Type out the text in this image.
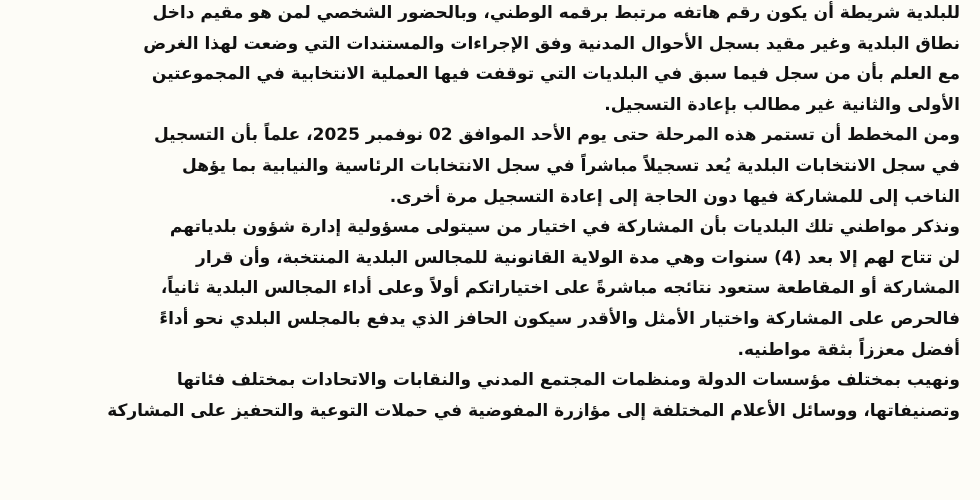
للبلدية شريطة أن يكون رقم هاتفه مرتبط برقمه الوطني، وبالحضور الشخصي لمن هو مقيم داخل
نطاق البلدية وغير مقيد بسجل الأحوال المدنية وفق الإجراءات والمستندات التي وضعت لهذا الغرض
مع العلم بأن من سجل فيما سبق في البلديات التي توقفت فيها العملية الانتخابية في المجموعتين
الأولى والثانية غير مطالب بإعادة التسجيل.
ومن المخطط أن تستمر هذه المرحلة حتى يوم الأحد الموافق 02 نوفمبر 2025، علماً بأن التسجيل
في سجل الانتخابات البلدية يُعد تسجيلاً مباشراً في سجل الانتخابات الرئاسية والنيابية بما يؤهل
الناخب إلى للمشاركة فيها دون الحاجة إلى إعادة التسجيل مرة أخرى.
ونذكر مواطني تلك البلديات بأن المشاركة في اختيار من سيتولى مسؤولية إدارة شؤون بلدياتهم
لن تتاح لهم إلا بعد (4) سنوات وهي مدة الولاية القانونية للمجالس البلدية المنتخبة، وأن قرار
المشاركة أو المقاطعة ستعود نتائجه مباشرةً على اختياراتكم أولاً وعلى أداء المجالس البلدية ثانياً،
فالحرص على المشاركة واختيار الأمثل والأقدر سيكون الحافز الذي يدفع بالمجلس البلدي نحو أداءً
أفضل معززاً بثقة مواطنيه.
ونهيب بمختلف مؤسسات الدولة ومنظمات المجتمع المدني والنقابات والاتحادات بمختلف فئاتها
وتصنيفاتها، ووسائل الأعلام المختلفة إلى مؤازرة المفوضية في حملات التوعية والتحفيز على المشاركة
